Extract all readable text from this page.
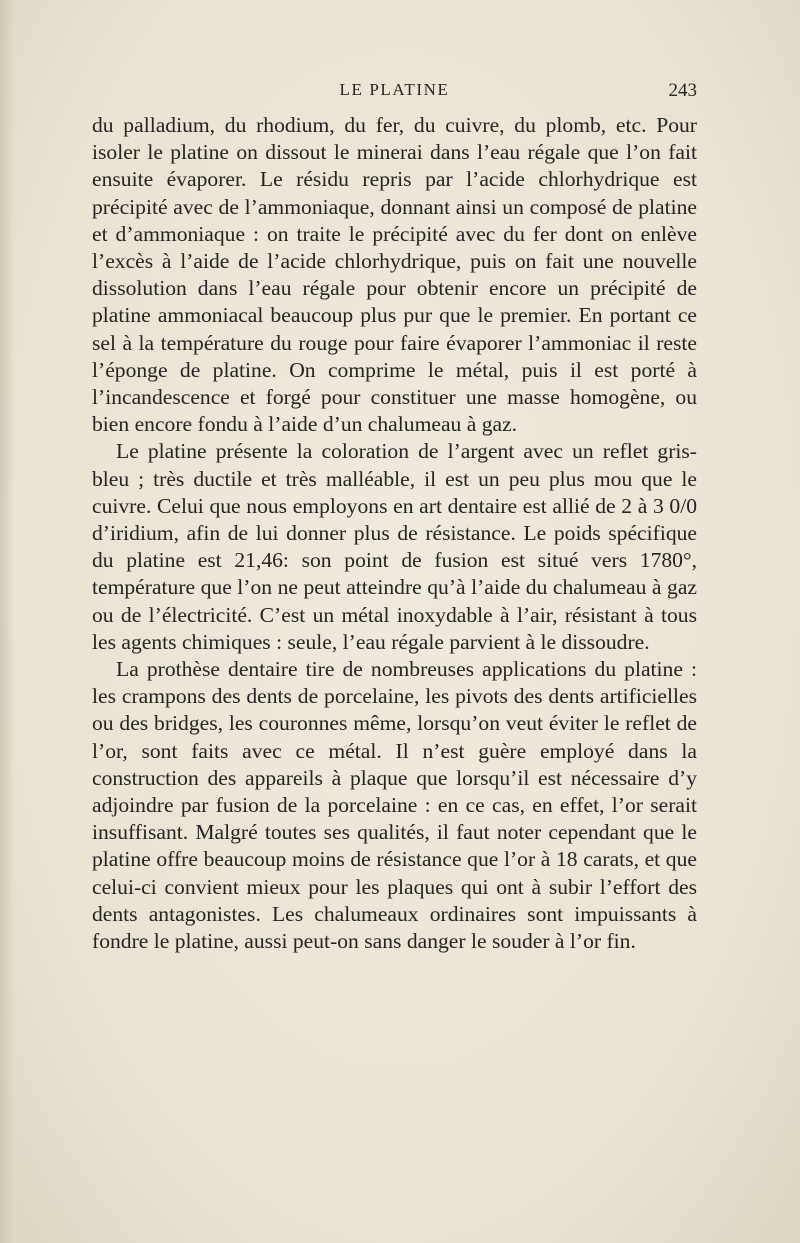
LE PLATINE	243

du palladium, du rhodium, du fer, du cuivre, du plomb, etc. Pour isoler le platine on dissout le minerai dans l’eau régale que l’on fait ensuite évaporer. Le résidu repris par l’acide chlorhydrique est précipité avec de l’ammoniaque, donnant ainsi un composé de platine et d’ammoniaque : on traite le précipité avec du fer dont on enlève l’excès à l’aide de l’acide chlorhydrique, puis on fait une nouvelle dissolution dans l’eau régale pour obtenir encore un précipité de platine ammoniacal beaucoup plus pur que le premier. En portant ce sel à la température du rouge pour faire évaporer l’ammoniac il reste l’éponge de platine. On comprime le métal, puis il est porté à l’incandescence et forgé pour constituer une masse homogène, ou bien encore fondu à l’aide d’un chalumeau à gaz.

Le platine présente la coloration de l’argent avec un reflet gris-bleu ; très ductile et très malléable, il est un peu plus mou que le cuivre. Celui que nous employons en art dentaire est allié de 2 à 3 0/0 d’iridium, afin de lui donner plus de résistance. Le poids spécifique du platine est 21,46: son point de fusion est situé vers 1780°, température que l’on ne peut atteindre qu’à l’aide du chalumeau à gaz ou de l’électricité. C’est un métal inoxydable à l’air, résistant à tous les agents chimiques : seule, l’eau régale parvient à le dissoudre.

La prothèse dentaire tire de nombreuses applications du platine : les crampons des dents de porcelaine, les pivots des dents artificielles ou des bridges, les couronnes même, lorsqu’on veut éviter le reflet de l’or, sont faits avec ce métal. Il n’est guère employé dans la construction des appareils à plaque que lorsqu’il est nécessaire d’y adjoindre par fusion de la porcelaine : en ce cas, en effet, l’or serait insuffisant. Malgré toutes ses qualités, il faut noter cependant que le platine offre beaucoup moins de résistance que l’or à 18 carats, et que celui-ci convient mieux pour les plaques qui ont à subir l’effort des dents antagonistes. Les chalumeaux ordinaires sont impuissants à fondre le platine, aussi peut-on sans danger le souder à l’or fin.
